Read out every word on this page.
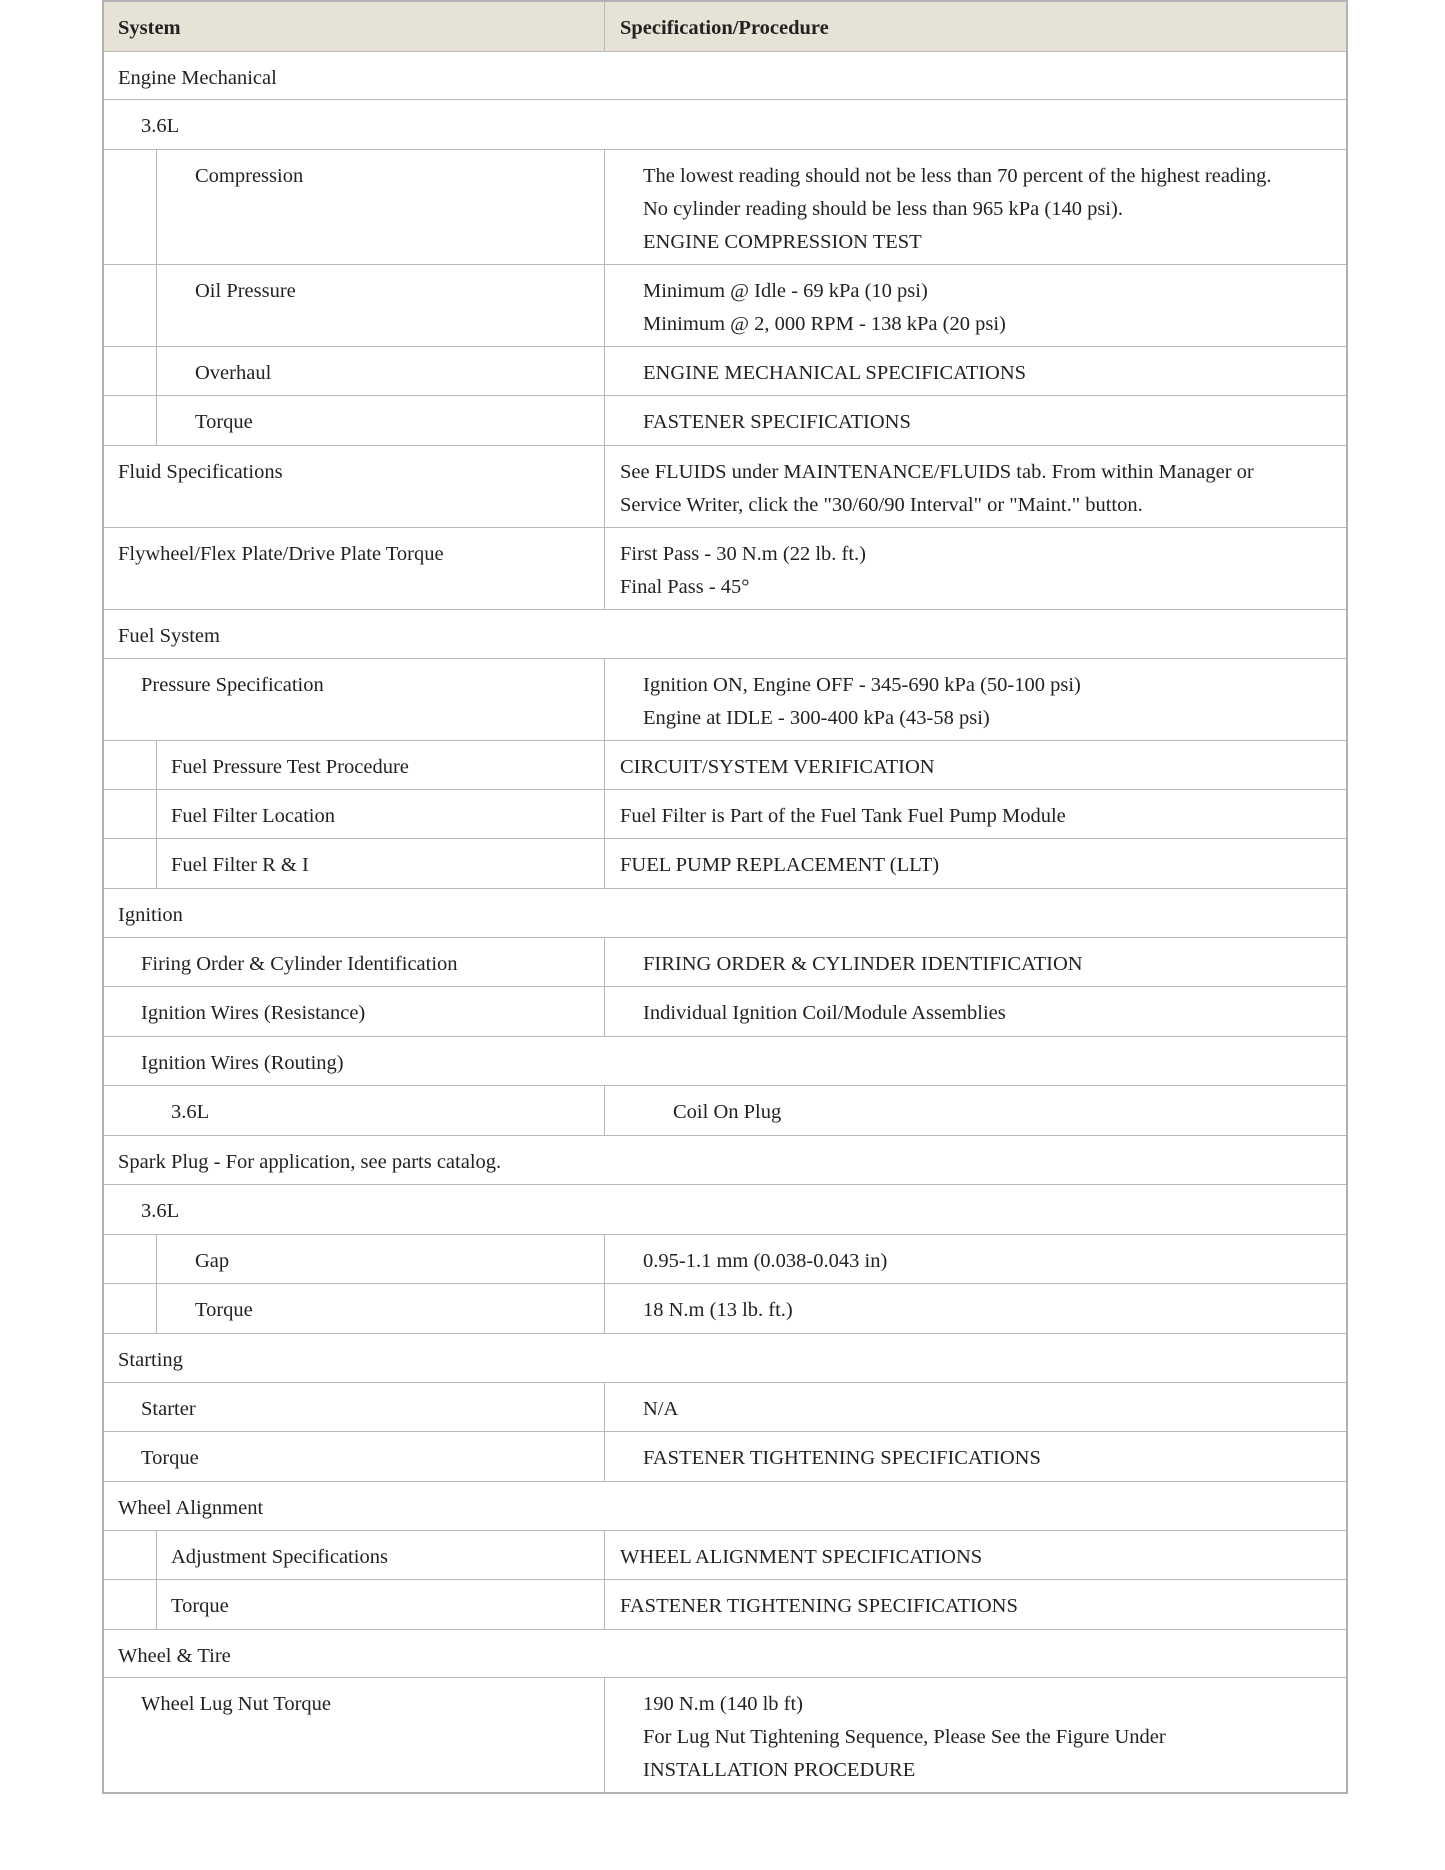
System	Specification/Procedure
Engine Mechanical
3.6L
Compression	The lowest reading should not be less than 70 percent of the highest reading.
No cylinder reading should be less than 965 kPa (140 psi).
ENGINE COMPRESSION TEST
Oil Pressure	Minimum @ Idle - 69 kPa (10 psi)
Minimum @ 2, 000 RPM - 138 kPa (20 psi)
Overhaul	ENGINE MECHANICAL SPECIFICATIONS
Torque	FASTENER SPECIFICATIONS
Fluid Specifications	See FLUIDS under MAINTENANCE/FLUIDS tab. From within Manager or
Service Writer, click the "30/60/90 Interval" or "Maint." button.
Flywheel/Flex Plate/Drive Plate Torque	First Pass - 30 N.m (22 lb. ft.)
Final Pass - 45°
Fuel System
Pressure Specification	Ignition ON, Engine OFF - 345-690 kPa (50-100 psi)
Engine at IDLE - 300-400 kPa (43-58 psi)
Fuel Pressure Test Procedure	CIRCUIT/SYSTEM VERIFICATION
Fuel Filter Location	Fuel Filter is Part of the Fuel Tank Fuel Pump Module
Fuel Filter R & I	FUEL PUMP REPLACEMENT (LLT)
Ignition
Firing Order & Cylinder Identification	FIRING ORDER & CYLINDER IDENTIFICATION
Ignition Wires (Resistance)	Individual Ignition Coil/Module Assemblies
Ignition Wires (Routing)
3.6L	Coil On Plug
Spark Plug - For application, see parts catalog.
3.6L
Gap	0.95-1.1 mm (0.038-0.043 in)
Torque	18 N.m (13 lb. ft.)
Starting
Starter	N/A
Torque	FASTENER TIGHTENING SPECIFICATIONS
Wheel Alignment
Adjustment Specifications	WHEEL ALIGNMENT SPECIFICATIONS
Torque	FASTENER TIGHTENING SPECIFICATIONS
Wheel & Tire
Wheel Lug Nut Torque	190 N.m (140 lb ft)
For Lug Nut Tightening Sequence, Please See the Figure Under
INSTALLATION PROCEDURE
